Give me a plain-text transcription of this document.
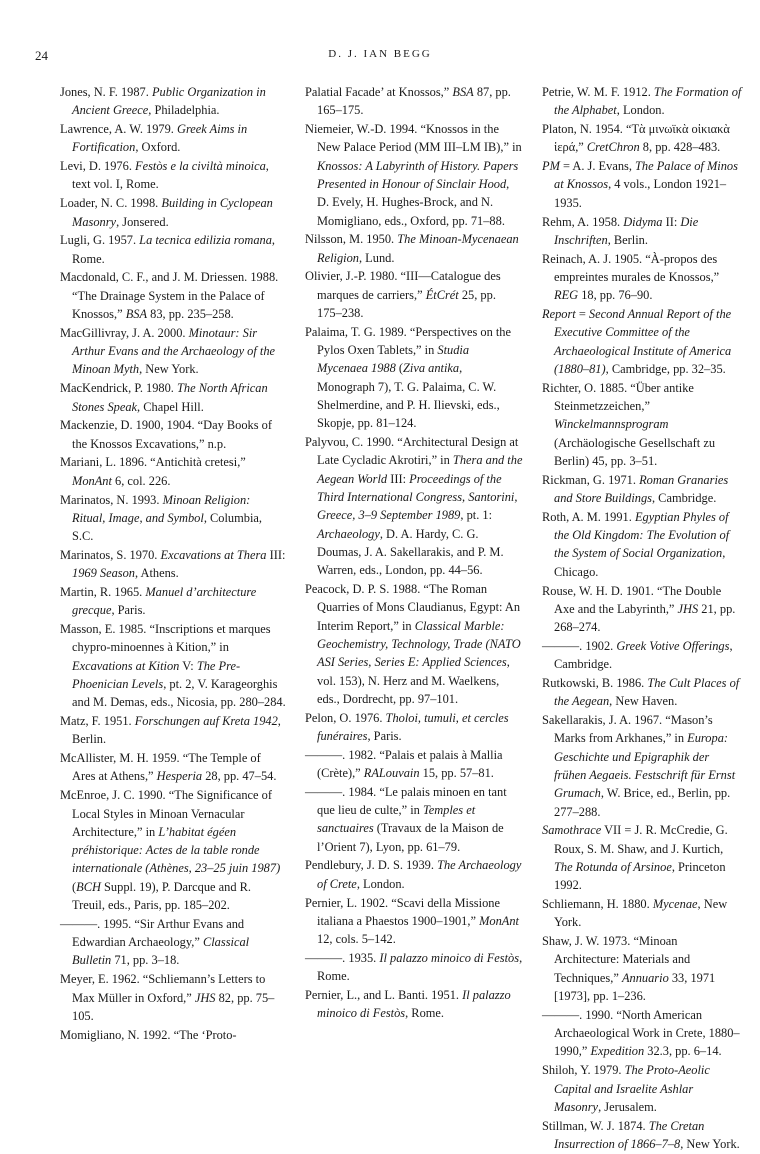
24	D. J. IAN BEGG
Jones, N. F. 1987. Public Organization in Ancient Greece, Philadelphia.
Lawrence, A. W. 1979. Greek Aims in Fortification, Oxford.
Levi, D. 1976. Festòs e la civiltà minoica, text vol. I, Rome.
Loader, N. C. 1998. Building in Cyclopean Masonry, Jonsered.
Lugli, G. 1957. La tecnica edilizia romana, Rome.
Macdonald, C. F., and J. M. Driessen. 1988. “The Drainage System in the Palace of Knossos,” BSA 83, pp. 235–258.
MacGillivray, J. A. 2000. Minotaur: Sir Arthur Evans and the Archaeology of the Minoan Myth, New York.
MacKendrick, P. 1980. The North African Stones Speak, Chapel Hill.
Mackenzie, D. 1900, 1904. “Day Books of the Knossos Excavations,” n.p.
Mariani, L. 1896. “Antichità cretesi,” MonAnt 6, col. 226.
Marinatos, N. 1993. Minoan Religion: Ritual, Image, and Symbol, Columbia, S.C.
Marinatos, S. 1970. Excavations at Thera III: 1969 Season, Athens.
Martin, R. 1965. Manuel d’architecture grecque, Paris.
Masson, E. 1985. “Inscriptions et marques chypro-minoennes à Kition,” in Excavations at Kition V: The Pre-Phoenician Levels, pt. 2, V. Karageorghis and M. Demas, eds., Nicosia, pp. 280–284.
Matz, F. 1951. Forschungen auf Kreta 1942, Berlin.
McAllister, M. H. 1959. “The Temple of Ares at Athens,” Hesperia 28, pp. 47–54.
McEnroe, J. C. 1990. “The Significance of Local Styles in Minoan Vernacular Architecture,” in L’habitat égéen préhistorique: Actes de la table ronde internationale (Athènes, 23–25 juin 1987) (BCH Suppl. 19), P. Darcque and R. Treuil, eds., Paris, pp. 185–202.
———. 1995. “Sir Arthur Evans and Edwardian Archaeology,” Classical Bulletin 71, pp. 3–18.
Meyer, E. 1962. “Schliemann’s Letters to Max Müller in Oxford,” JHS 82, pp. 75–105.
Momigliano, N. 1992. “The ‘Proto-
Palatial Facade’ at Knossos,” BSA 87, pp. 165–175.
Niemeier, W.-D. 1994. “Knossos in the New Palace Period (MM III–LM IB),” in Knossos: A Labyrinth of History. Papers Presented in Honour of Sinclair Hood, D. Evely, H. Hughes-Brock, and N. Momigliano, eds., Oxford, pp. 71–88.
Nilsson, M. 1950. The Minoan-Mycenaean Religion, Lund.
Olivier, J.-P. 1980. “III—Catalogue des marques de carriers,” ÉtCrét 25, pp. 175–238.
Palaima, T. G. 1989. “Perspectives on the Pylos Oxen Tablets,” in Studia Mycenaea 1988 (Ziva antika, Monograph 7), T. G. Palaima, C. W. Shelmerdine, and P. H. Ilievski, eds., Skopje, pp. 81–124.
Palyvou, C. 1990. “Architectural Design at Late Cycladic Akrotiri,” in Thera and the Aegean World III: Proceedings of the Third International Congress, Santorini, Greece, 3–9 September 1989, pt. 1: Archaeology, D. A. Hardy, C. G. Doumas, J. A. Sakellarakis, and P. M. Warren, eds., London, pp. 44–56.
Peacock, D. P. S. 1988. “The Roman Quarries of Mons Claudianus, Egypt: An Interim Report,” in Classical Marble: Geochemistry, Technology, Trade (NATO ASI Series, Series E: Applied Sciences, vol. 153), N. Herz and M. Waelkens, eds., Dordrecht, pp. 97–101.
Pelon, O. 1976. Tholoi, tumuli, et cercles funéraires, Paris.
———. 1982. “Palais et palais à Mallia (Crète),” RALouvain 15, pp. 57–81.
———. 1984. “Le palais minoen en tant que lieu de culte,” in Temples et sanctuaires (Travaux de la Maison de l’Orient 7), Lyon, pp. 61–79.
Pendlebury, J. D. S. 1939. The Archaeology of Crete, London.
Pernier, L. 1902. “Scavi della Missione italiana a Phaestos 1900–1901,” MonAnt 12, cols. 5–142.
———. 1935. Il palazzo minoico di Festòs, Rome.
Pernier, L., and L. Banti. 1951. Il palazzo minoico di Festòs, Rome.
Petrie, W. M. F. 1912. The Formation of the Alphabet, London.
Platon, N. 1954. “Τὰ μινωϊκὰ οἰκιακὰ ἱερά,” CretChron 8, pp. 428–483.
PM = A. J. Evans, The Palace of Minos at Knossos, 4 vols., London 1921–1935.
Rehm, A. 1958. Didyma II: Die Inschriften, Berlin.
Reinach, A. J. 1905. “À-propos des empreintes murales de Knossos,” REG 18, pp. 76–90.
Report = Second Annual Report of the Executive Committee of the Archaeological Institute of America (1880–81), Cambridge, pp. 32–35.
Richter, O. 1885. “Über antike Steinmetzzeichen,” Winckelmannsprogram (Archäologische Gesellschaft zu Berlin) 45, pp. 3–51.
Rickman, G. 1971. Roman Granaries and Store Buildings, Cambridge.
Roth, A. M. 1991. Egyptian Phyles of the Old Kingdom: The Evolution of the System of Social Organization, Chicago.
Rouse, W. H. D. 1901. “The Double Axe and the Labyrinth,” JHS 21, pp. 268–274.
———. 1902. Greek Votive Offerings, Cambridge.
Rutkowski, B. 1986. The Cult Places of the Aegean, New Haven.
Sakellarakis, J. A. 1967. “Mason’s Marks from Arkhanes,” in Europa: Geschichte und Epigraphik der frühen Aegaeis. Festschrift für Ernst Grumach, W. Brice, ed., Berlin, pp. 277–288.
Samothrace VII = J. R. McCredie, G. Roux, S. M. Shaw, and J. Kurtich, The Rotunda of Arsinoe, Princeton 1992.
Schliemann, H. 1880. Mycenae, New York.
Shaw, J. W. 1973. “Minoan Architecture: Materials and Techniques,” Annuario 33, 1971 [1973], pp. 1–236.
———. 1990. “North American Archaeological Work in Crete, 1880–1990,” Expedition 32.3, pp. 6–14.
Shiloh, Y. 1979. The Proto-Aeolic Capital and Israelite Ashlar Masonry, Jerusalem.
Stillman, W. J. 1874. The Cretan Insurrection of 1866–7–8, New York.
